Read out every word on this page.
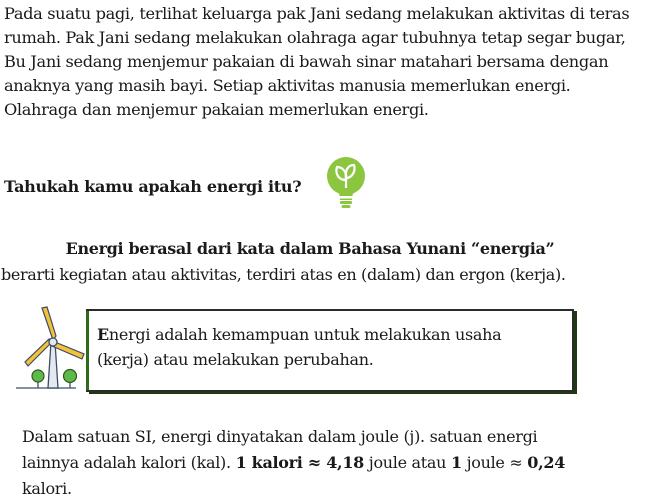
Pada suatu pagi, terlihat keluarga pak Jani sedang melakukan aktivitas di teras
rumah. Pak Jani sedang melakukan olahraga agar tubuhnya tetap segar bugar,
Bu Jani sedang menjemur pakaian di bawah sinar matahari bersama dengan
anaknya yang masih bayi. Setiap aktivitas manusia memerlukan energi.
Olahraga dan menjemur pakaian memerlukan energi.

Tahukah kamu apakah energi itu?

Energi berasal dari kata dalam Bahasa Yunani “energia”
berarti kegiatan atau aktivitas, terdiri atas en (dalam) dan ergon (kerja).

Energi adalah kemampuan untuk melakukan usaha
(kerja) atau melakukan perubahan.

Dalam satuan SI, energi dinyatakan dalam joule (j). satuan energi
lainnya adalah kalori (kal). 1 kalori ≈ 4,18 joule atau 1 joule ≈ 0,24
kalori.
